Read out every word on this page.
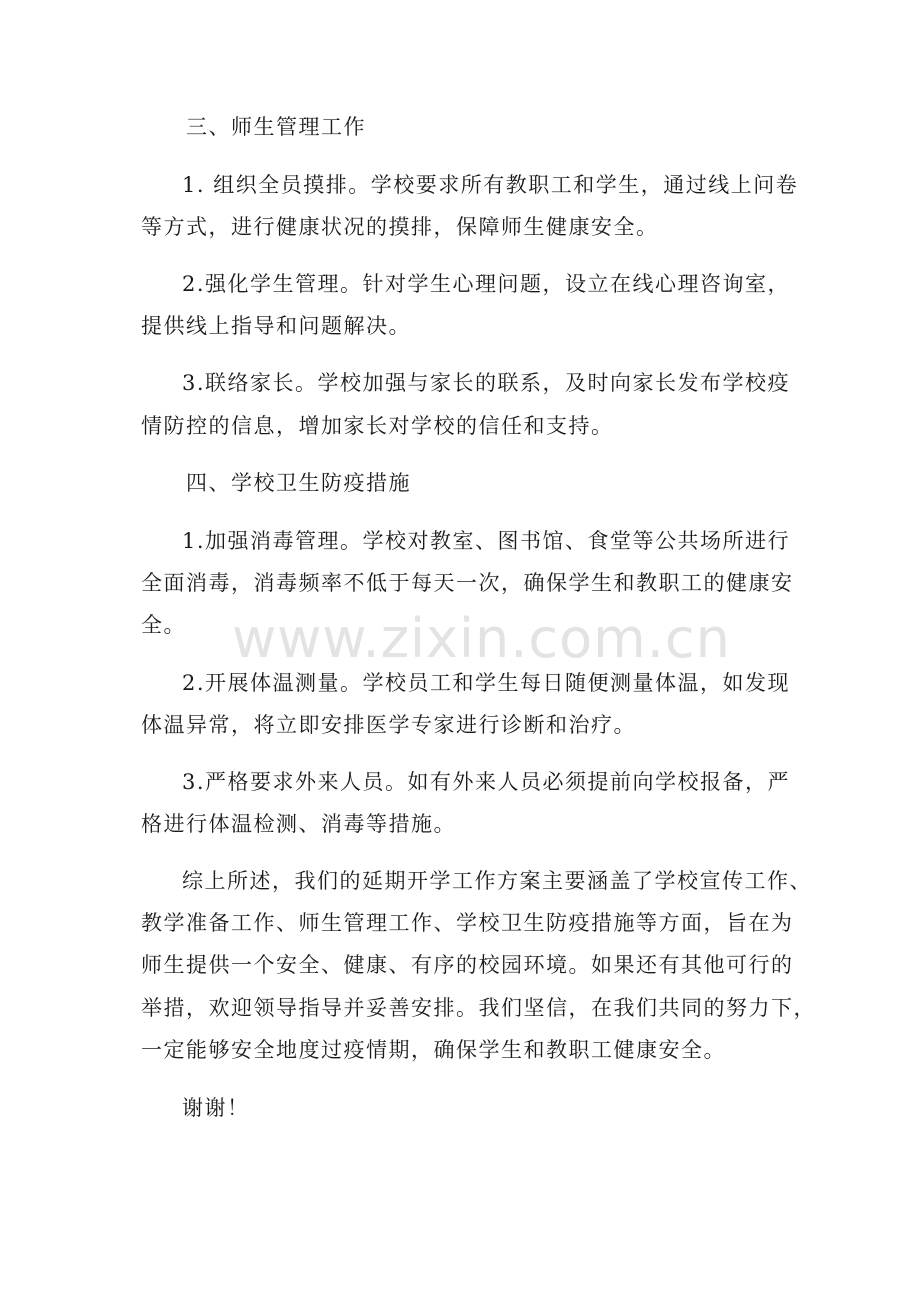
三、师生管理工作
1. 组织全员摸排。学校要求所有教职工和学生，通过线上问卷
等方式，进行健康状况的摸排，保障师生健康安全。
2.强化学生管理。针对学生心理问题，设立在线心理咨询室，
提供线上指导和问题解决。
3.联络家长。学校加强与家长的联系，及时向家长发布学校疫
情防控的信息，增加家长对学校的信任和支持。
四、学校卫生防疫措施
1.加强消毒管理。学校对教室、图书馆、食堂等公共场所进行
全面消毒，消毒频率不低于每天一次，确保学生和教职工的健康安
全。
2.开展体温测量。学校员工和学生每日随便测量体温，如发现
体温异常，将立即安排医学专家进行诊断和治疗。
3.严格要求外来人员。如有外来人员必须提前向学校报备，严
格进行体温检测、消毒等措施。
综上所述，我们的延期开学工作方案主要涵盖了学校宣传工作、
教学准备工作、师生管理工作、学校卫生防疫措施等方面，旨在为
师生提供一个安全、健康、有序的校园环境。如果还有其他可行的
举措，欢迎领导指导并妥善安排。我们坚信，在我们共同的努力下，
一定能够安全地度过疫情期，确保学生和教职工健康安全。
谢谢！
www.zixin.com.cn
